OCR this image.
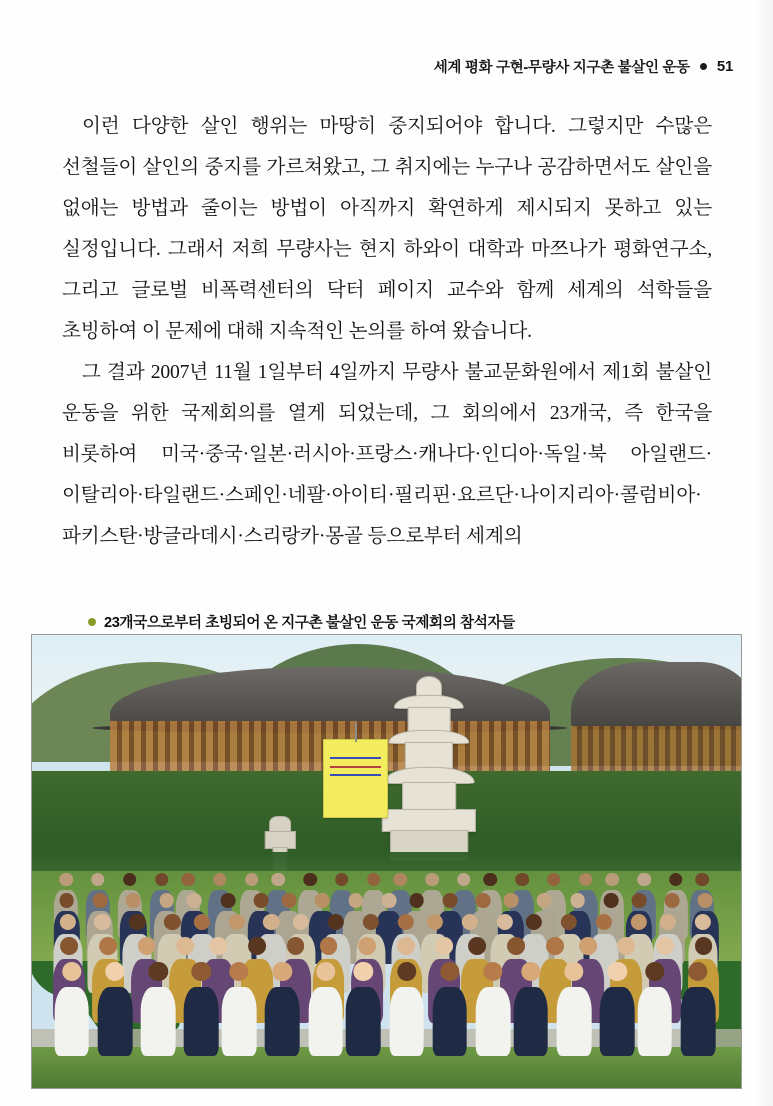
세계 평화 구현-무량사 지구촌 불살인 운동 51

이런 다양한 살인 행위는 마땅히 중지되어야 합니다. 그렇지만 수많은 선철들이 살인의 중지를 가르쳐왔고, 그 취지에는 누구나 공감하면서도 살인을 없애는 방법과 줄이는 방법이 아직까지 확연하게 제시되지 못하고 있는 실정입니다. 그래서 저희 무량사는 현지 하와이 대학과 마쯔나가 평화연구소, 그리고 글로벌 비폭력센터의 닥터 페이지 교수와 함께 세계의 석학들을 초빙하여 이 문제에 대해 지속적인 논의를 하여 왔습니다.

그 결과 2007년 11월 1일부터 4일까지 무량사 불교문화원에서 제1회 불살인 운동을 위한 국제회의를 열게 되었는데, 그 회의에서 23개국, 즉 한국을 비롯하여 미국·중국·일본·러시아·프랑스·캐나다·인디아·독일·북 아일랜드·이탈리아·타일랜드·스페인·네팔·아이티·필리핀·요르단·나이지리아·콜럼비아·파키스탄·방글라데시·스리랑카·몽골 등으로부터 세계의

23개국으로부터 초빙되어 온 지구촌 불살인 운동 국제회의 참석자들
